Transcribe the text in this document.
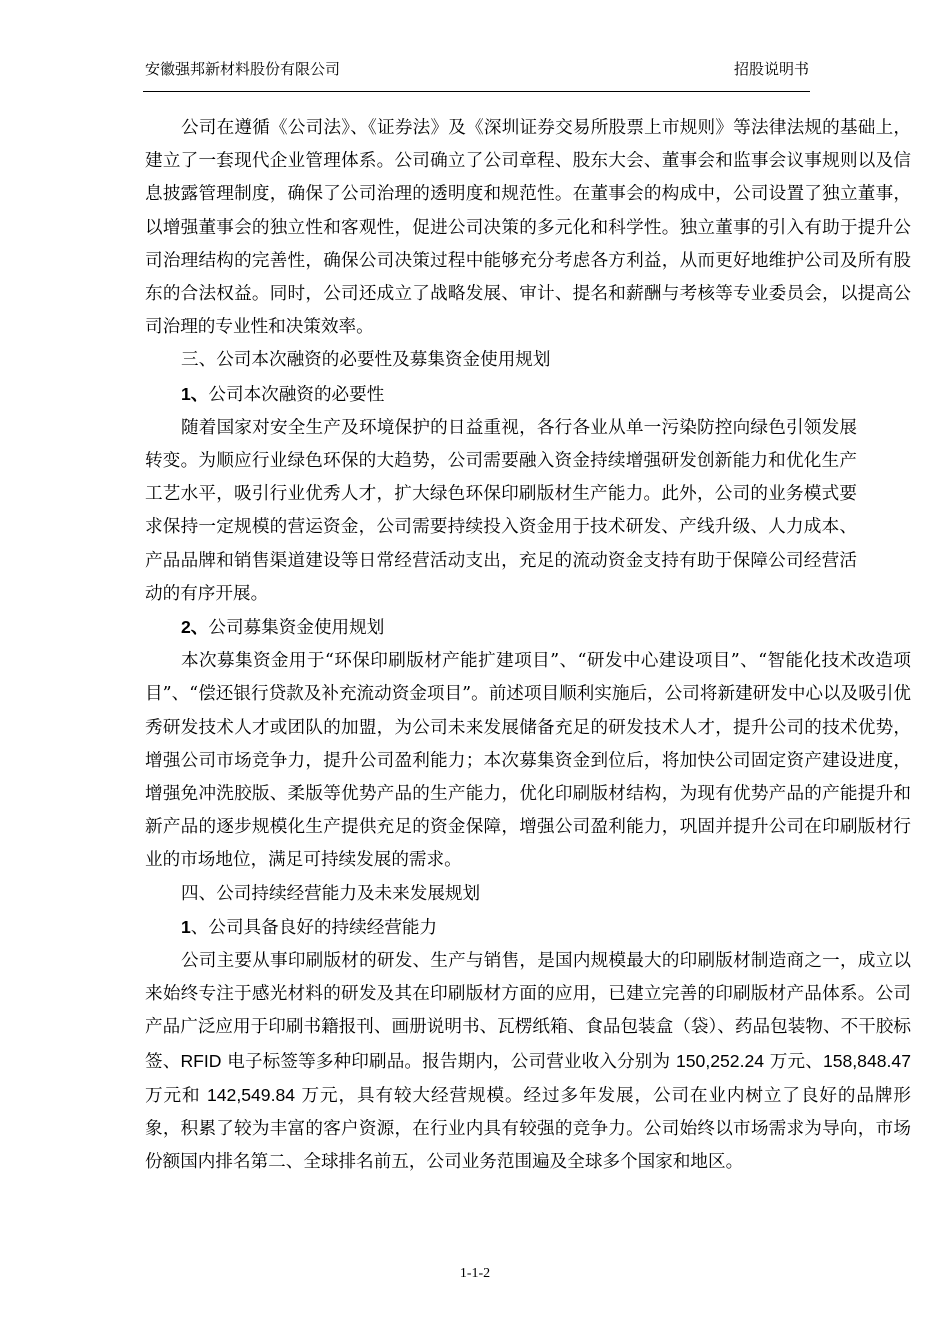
安徽强邦新材料股份有限公司	招股说明书

公司在遵循《公司法》、《证券法》及《深圳证券交易所股票上市规则》等法律法规的基础上，建立了一套现代企业管理体系。公司确立了公司章程、股东大会、董事会和监事会议事规则以及信息披露管理制度，确保了公司治理的透明度和规范性。在董事会的构成中，公司设置了独立董事，以增强董事会的独立性和客观性，促进公司决策的多元化和科学性。独立董事的引入有助于提升公司治理结构的完善性，确保公司决策过程中能够充分考虑各方利益，从而更好地维护公司及所有股东的合法权益。同时，公司还成立了战略发展、审计、提名和薪酬与考核等专业委员会，以提高公司治理的专业性和决策效率。

三、公司本次融资的必要性及募集资金使用规划

1、公司本次融资的必要性

随着国家对安全生产及环境保护的日益重视，各行各业从单一污染防控向绿色引领发展转变。为顺应行业绿色环保的大趋势，公司需要融入资金持续增强研发创新能力和优化生产工艺水平，吸引行业优秀人才，扩大绿色环保印刷版材生产能力。此外，公司的业务模式要求保持一定规模的营运资金，公司需要持续投入资金用于技术研发、产线升级、人力成本、产品品牌和销售渠道建设等日常经营活动支出，充足的流动资金支持有助于保障公司经营活动的有序开展。

2、公司募集资金使用规划

本次募集资金用于“环保印刷版材产能扩建项目”、“研发中心建设项目”、“智能化技术改造项目”、“偿还银行贷款及补充流动资金项目”。前述项目顺利实施后，公司将新建研发中心以及吸引优秀研发技术人才或团队的加盟，为公司未来发展储备充足的研发技术人才，提升公司的技术优势，增强公司市场竞争力，提升公司盈利能力；本次募集资金到位后，将加快公司固定资产建设进度，增强免冲洗胶版、柔版等优势产品的生产能力，优化印刷版材结构，为现有优势产品的产能提升和新产品的逐步规模化生产提供充足的资金保障，增强公司盈利能力，巩固并提升公司在印刷版材行业的市场地位，满足可持续发展的需求。

四、公司持续经营能力及未来发展规划

1、公司具备良好的持续经营能力

公司主要从事印刷版材的研发、生产与销售，是国内规模最大的印刷版材制造商之一，成立以来始终专注于感光材料的研发及其在印刷版材方面的应用，已建立完善的印刷版材产品体系。公司产品广泛应用于印刷书籍报刊、画册说明书、瓦楞纸箱、食品包装盒（袋）、药品包装物、不干胶标签、RFID 电子标签等多种印刷品。报告期内，公司营业收入分别为 150,252.24 万元、158,848.47 万元和 142,549.84 万元，具有较大经营规模。经过多年发展，公司在业内树立了良好的品牌形象，积累了较为丰富的客户资源，在行业内具有较强的竞争力。公司始终以市场需求为导向，市场份额国内排名第二、全球排名前五，公司业务范围遍及全球多个国家和地区。

1-1-2
